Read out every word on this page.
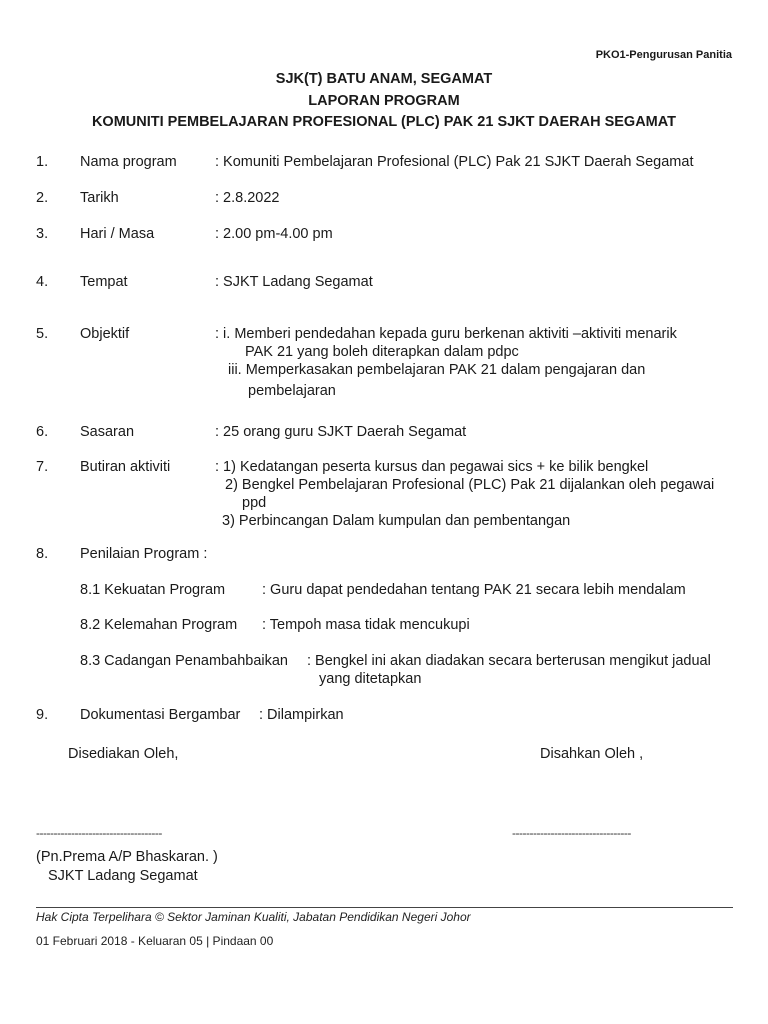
PKO1-Pengurusan Panitia
SJK(T) BATU ANAM, SEGAMAT
LAPORAN PROGRAM
KOMUNITI PEMBELAJARAN PROFESIONAL (PLC) PAK 21 SJKT DAERAH SEGAMAT
1. Nama program	: Komuniti Pembelajaran Profesional (PLC) Pak 21 SJKT Daerah Segamat
2. Tarikh	: 2.8.2022
3. Hari / Masa	: 2.00 pm-4.00 pm
4. Tempat	: SJKT Ladang Segamat
5. Objektif	: i. Memberi pendedahan kepada guru berkenan aktiviti –aktiviti menarik
PAK 21 yang boleh diterapkan dalam pdpc
iii. Memperkasakan pembelajaran PAK 21 dalam pengajaran dan
pembelajaran
6. Sasaran	: 25 orang guru SJKT Daerah Segamat
7. Butiran aktiviti	: 1) Kedatangan peserta kursus dan pegawai sics + ke bilik bengkel
2) Bengkel Pembelajaran Profesional (PLC) Pak 21 dijalankan oleh pegawai
ppd
3) Perbincangan Dalam kumpulan dan pembentangan
8. Penilaian Program :
8.1 Kekuatan Program	: Guru dapat pendedahan tentang PAK 21 secara lebih mendalam
8.2 Kelemahan Program : Tempoh masa tidak mencukupi
8.3 Cadangan Penambahbaikan : Bengkel ini akan diadakan secara berterusan mengikut jadual
yang ditetapkan
9. Dokumentasi Bergambar : Dilampirkan
Disediakan Oleh,	Disahkan Oleh ,
------------------------------------	----------------------------------
(Pn.Prema A/P Bhaskaran. )
SJKT Ladang Segamat
Hak Cipta Terpelihara © Sektor Jaminan Kualiti, Jabatan Pendidikan Negeri Johor
01 Februari 2018 - Keluaran 05 | Pindaan 00
